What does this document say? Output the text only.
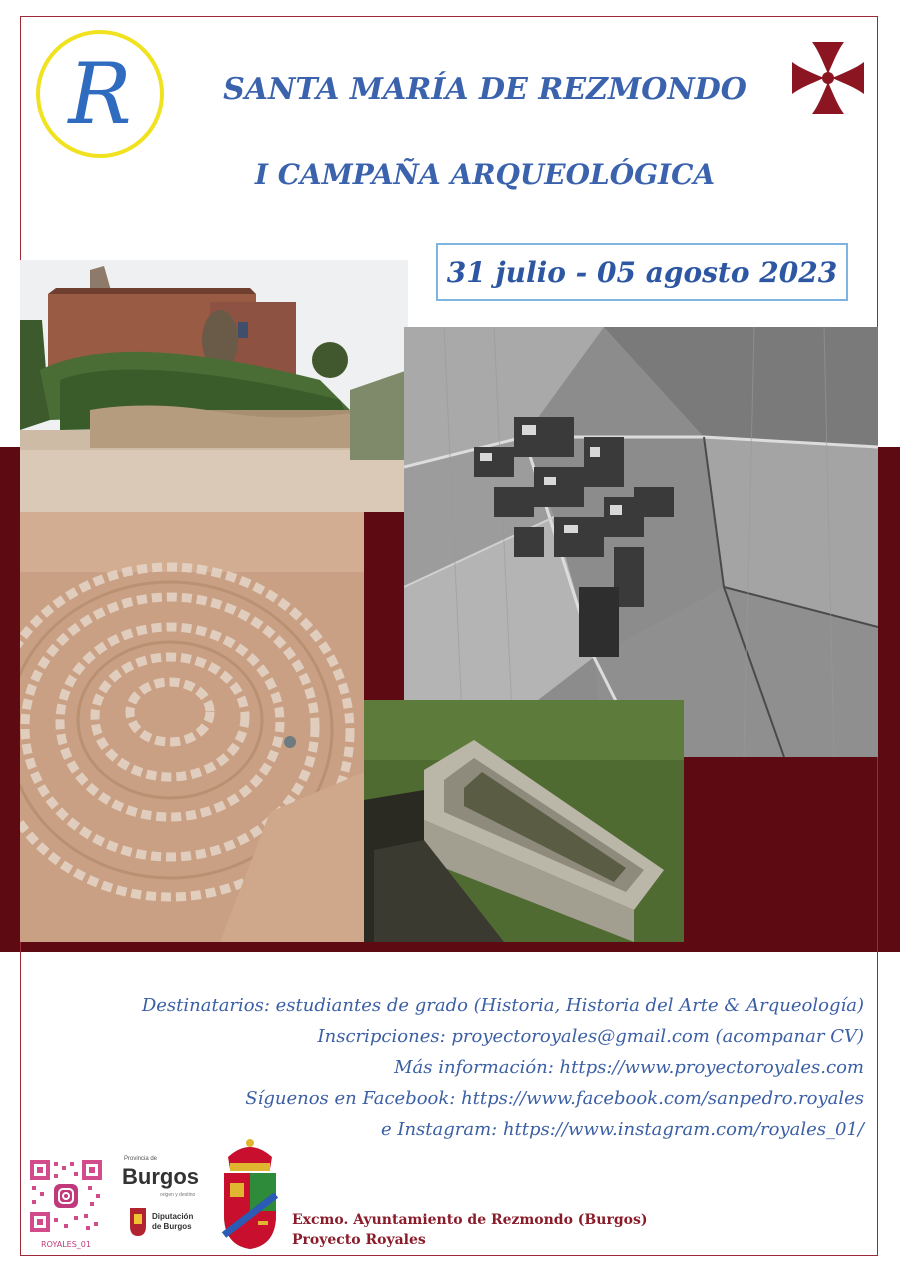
R	SANTA MARÍA DE REZMONDO
I CAMPAÑA ARQUEOLÓGICA
31 julio - 05 agosto 2023
Destinatarios: estudiantes de grado (Historia, Historia del Arte & Arqueología)
Inscripciones: proyectoroyales@gmail.com (acompanar CV)
Más información: https://www.proyectoroyales.com
Síguenos en Facebook: https://www.facebook.com/sanpedro.royales
e Instagram: https://www.instagram.com/royales_01/
ROYALES_01
Provincia de
Burgos
origen y destino
Diputación
de Burgos	Excmo. Ayuntamiento de Rezmondo (Burgos)
Proyecto Royales
